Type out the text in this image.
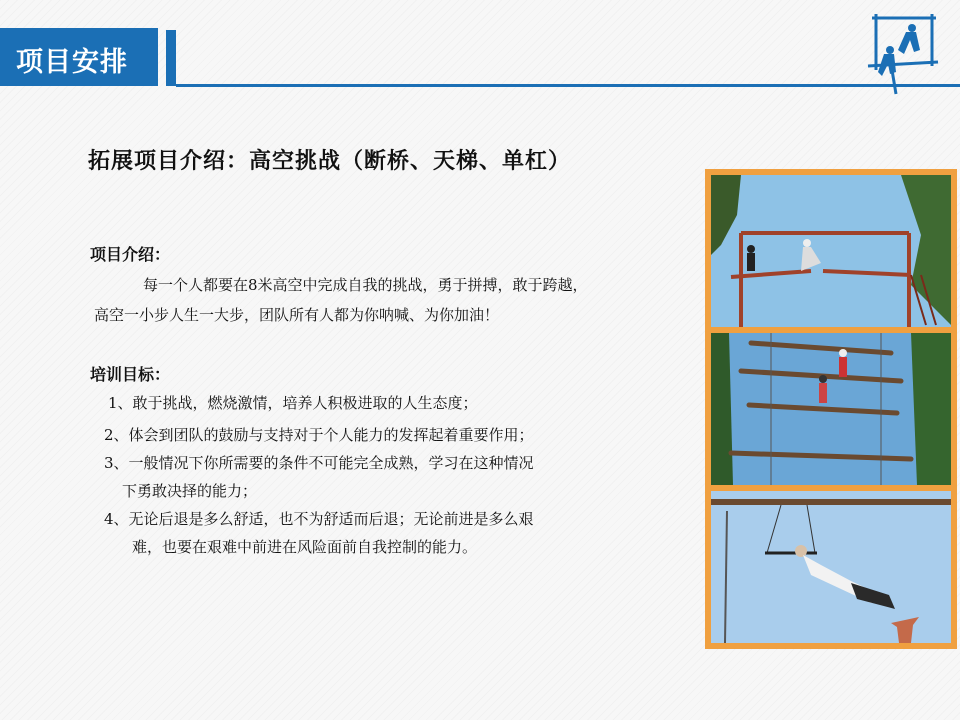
项目安排
拓展项目介绍：高空挑战（断桥、天梯、单杠）
项目介绍：
每一个人都要在8米高空中完成自我的挑战，勇于拼搏，敢于跨越，
高空一小步人生一大步，团队所有人都为你呐喊、为你加油！
培训目标：
1、敢于挑战，燃烧激情，培养人积极进取的人生态度；
2、体会到团队的鼓励与支持对于个人能力的发挥起着重要作用；
3、一般情况下你所需要的条件不可能完全成熟，学习在这种情况
下勇敢决择的能力；
4、无论后退是多么舒适，也不为舒适而后退；无论前进是多么艰
难，也要在艰难中前进在风险面前自我控制的能力。
